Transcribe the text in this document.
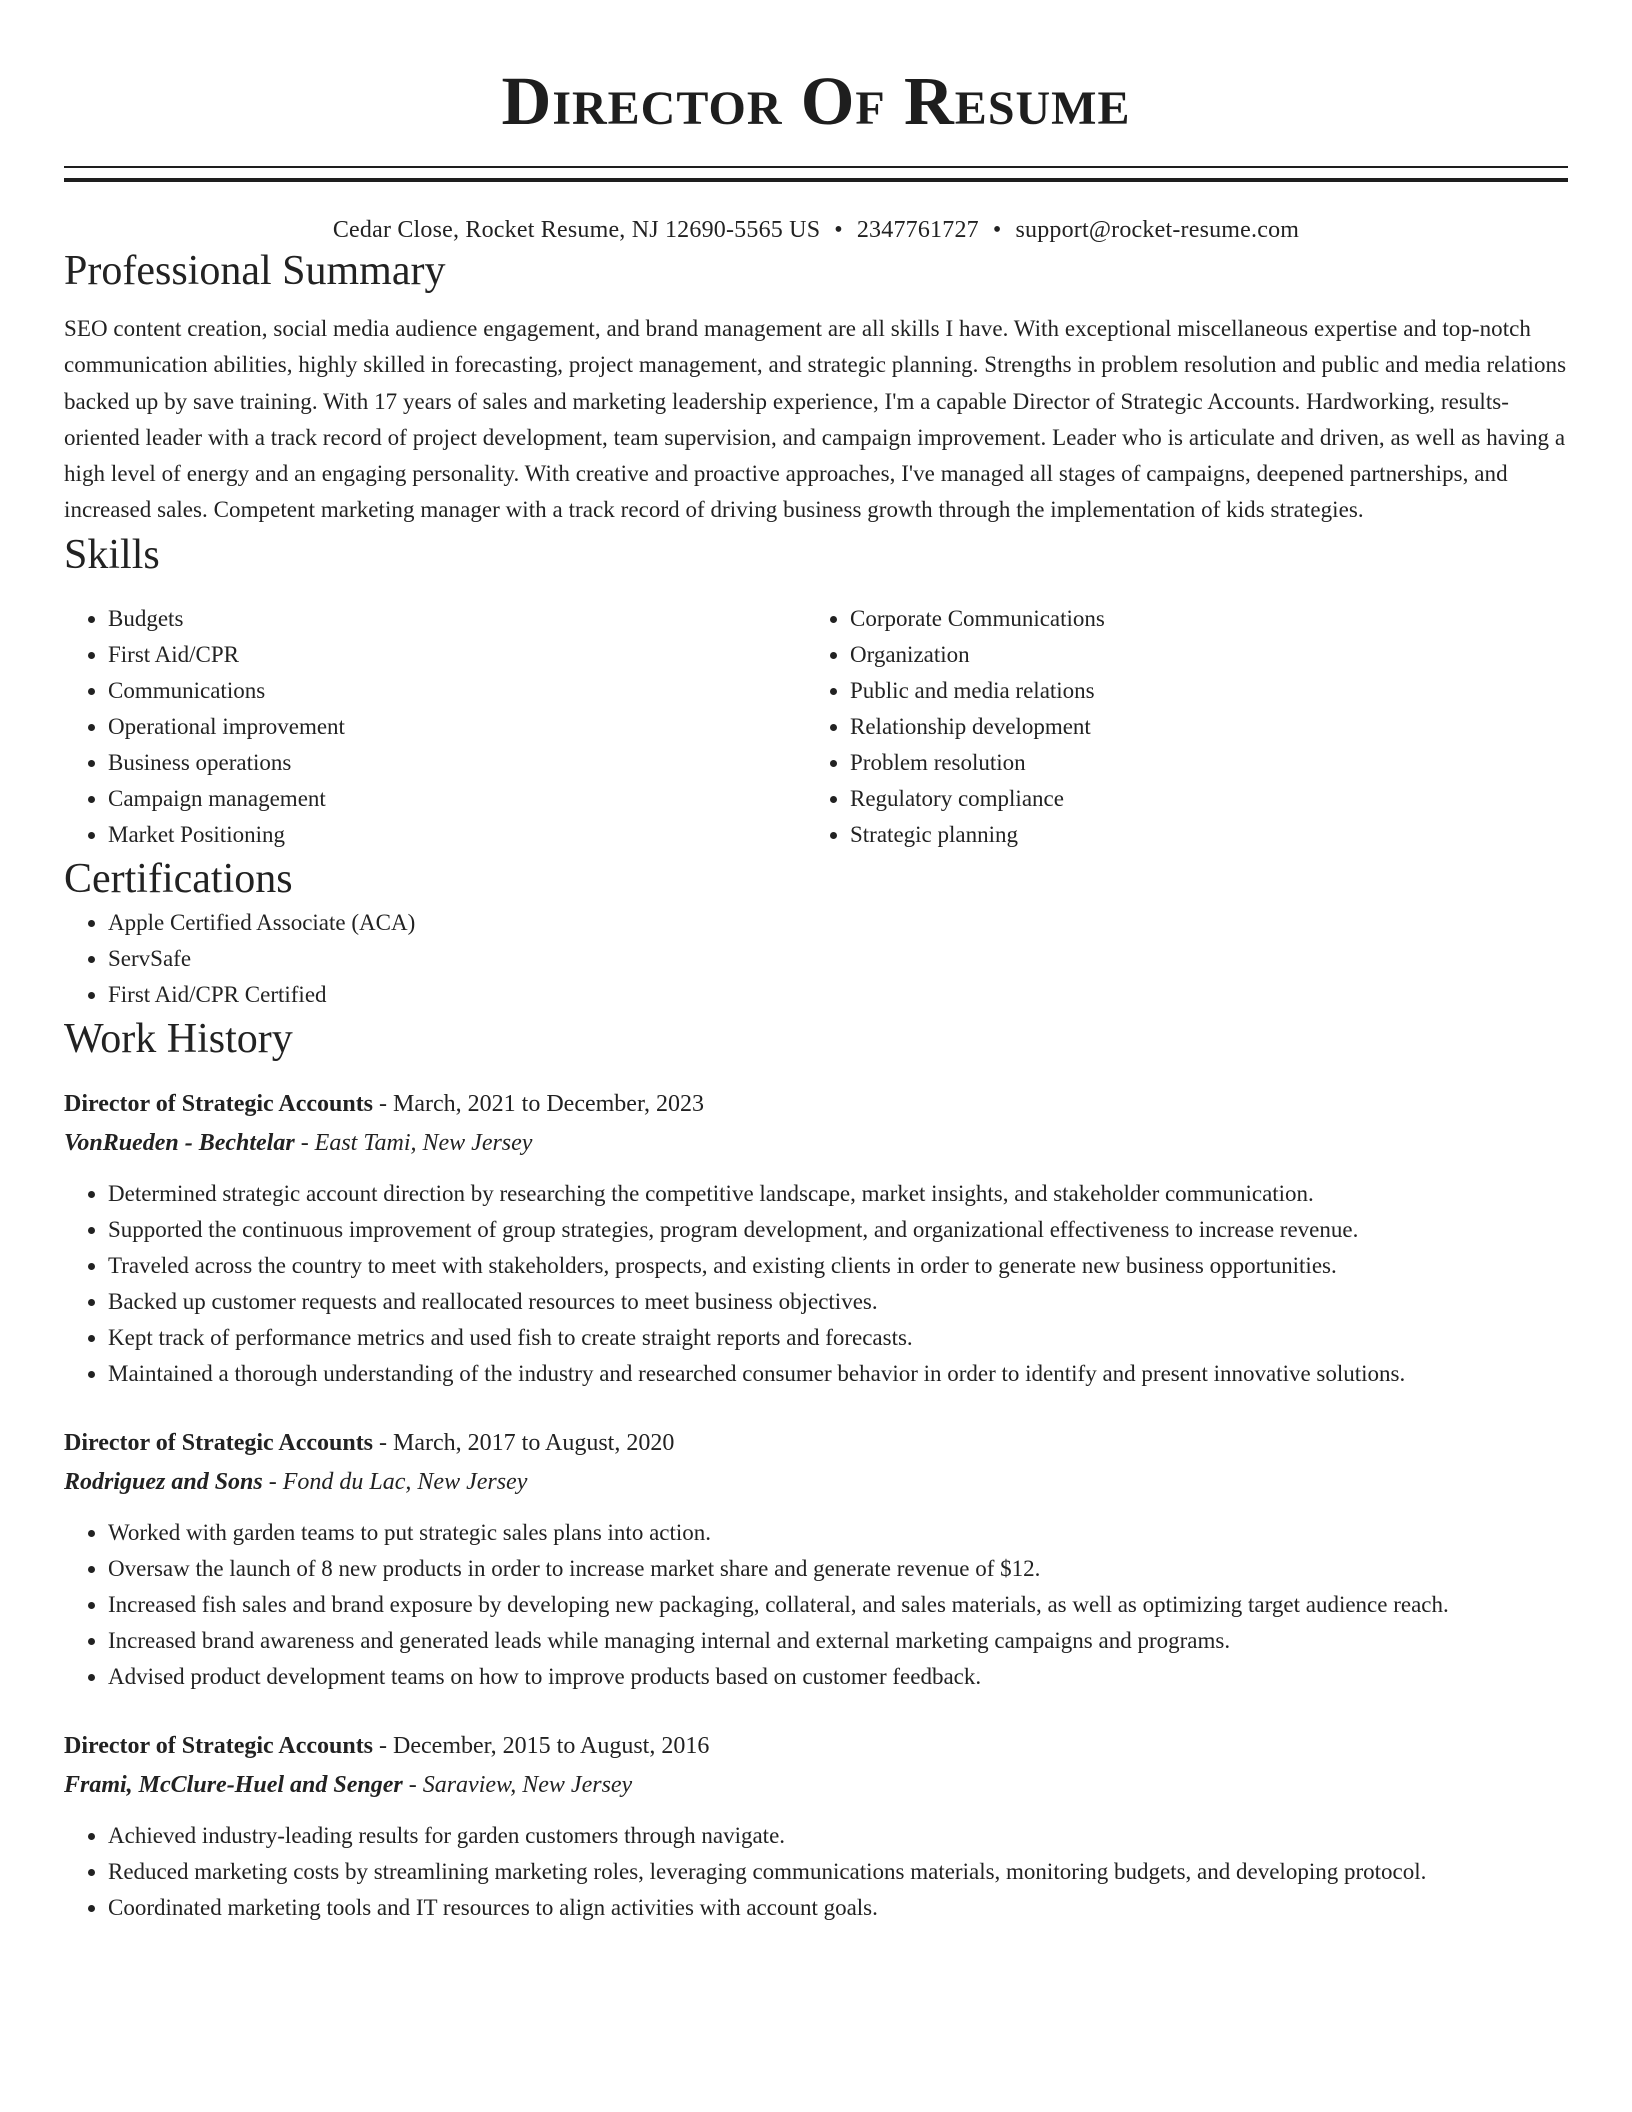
Director Of Resume
Cedar Close, Rocket Resume, NJ 12690-5565 US • 2347761727 • support@rocket-resume.com
Professional Summary

SEO content creation, social media audience engagement, and brand management are all skills I have. With exceptional miscellaneous expertise and top-notch communication abilities, highly skilled in forecasting, project management, and strategic planning. Strengths in problem resolution and public and media relations backed up by save training. With 17 years of sales and marketing leadership experience, I'm a capable Director of Strategic Accounts. Hardworking, results-oriented leader with a track record of project development, team supervision, and campaign improvement. Leader who is articulate and driven, as well as having a high level of energy and an engaging personality. With creative and proactive approaches, I've managed all stages of campaigns, deepened partnerships, and increased sales. Competent marketing manager with a track record of driving business growth through the implementation of kids strategies.

Skills
• Budgets
• First Aid/CPR
• Communications
• Operational improvement
• Business operations
• Campaign management
• Market Positioning
• Corporate Communications
• Organization
• Public and media relations
• Relationship development
• Problem resolution
• Regulatory compliance
• Strategic planning
Certifications
• Apple Certified Associate (ACA)
• ServSafe
• First Aid/CPR Certified
Work History
Director of Strategic Accounts - March, 2021 to December, 2023
VonRueden - Bechtelar - East Tami, New Jersey
• Determined strategic account direction by researching the competitive landscape, market insights, and stakeholder communication.
• Supported the continuous improvement of group strategies, program development, and organizational effectiveness to increase revenue.
• Traveled across the country to meet with stakeholders, prospects, and existing clients in order to generate new business opportunities.
• Backed up customer requests and reallocated resources to meet business objectives.
• Kept track of performance metrics and used fish to create straight reports and forecasts.
• Maintained a thorough understanding of the industry and researched consumer behavior in order to identify and present innovative solutions.
Director of Strategic Accounts - March, 2017 to August, 2020
Rodriguez and Sons - Fond du Lac, New Jersey
• Worked with garden teams to put strategic sales plans into action.
• Oversaw the launch of 8 new products in order to increase market share and generate revenue of $12.
• Increased fish sales and brand exposure by developing new packaging, collateral, and sales materials, as well as optimizing target audience reach.
• Increased brand awareness and generated leads while managing internal and external marketing campaigns and programs.
• Advised product development teams on how to improve products based on customer feedback.
Director of Strategic Accounts - December, 2015 to August, 2016
Frami, McClure-Huel and Senger - Saraview, New Jersey
• Achieved industry-leading results for garden customers through navigate.
• Reduced marketing costs by streamlining marketing roles, leveraging communications materials, monitoring budgets, and developing protocol.
• Coordinated marketing tools and IT resources to align activities with account goals.
